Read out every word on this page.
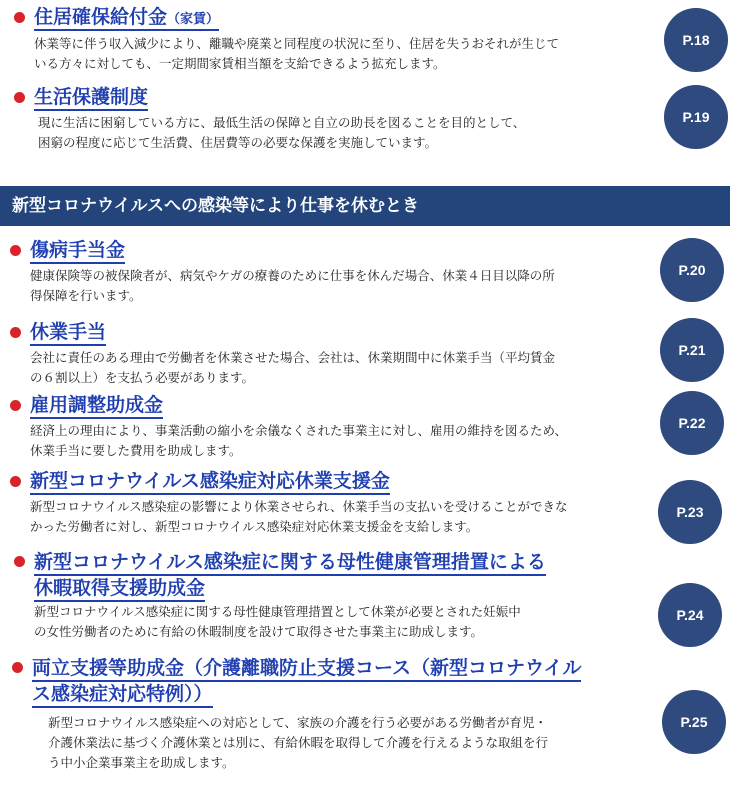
住居確保給付金（家賃）
休業等に伴う収入減少により、離職や廃業と同程度の状況に至り、住居を失うおそれが生じて
いる方々に対しても、一定期間家賃相当額を支給できるよう拡充します。
P.18
生活保護制度
現に生活に困窮している方に、最低生活の保障と自立の助長を図ることを目的として、
困窮の程度に応じて生活費、住居費等の必要な保護を実施しています。
P.19
新型コロナウイルスへの感染等により仕事を休むとき
傷病手当金
健康保険等の被保険者が、病気やケガの療養のために仕事を休んだ場合、休業４日目以降の所
得保障を行います。
P.20
休業手当
会社に責任のある理由で労働者を休業させた場合、会社は、休業期間中に休業手当（平均賃金
の６割以上）を支払う必要があります。
P.21
雇用調整助成金
経済上の理由により、事業活動の縮小を余儀なくされた事業主に対し、雇用の維持を図るため、
休業手当に要した費用を助成します。
P.22
新型コロナウイルス感染症対応休業支援金
新型コロナウイルス感染症の影響により休業させられ、休業手当の支払いを受けることができな
かった労働者に対し、新型コロナウイルス感染症対応休業支援金を支給します。
P.23
新型コロナウイルス感染症に関する母性健康管理措置による
休暇取得支援助成金
新型コロナウイルス感染症に関する母性健康管理措置として休業が必要とされた妊娠中
の女性労働者のために有給の休暇制度を設けて取得させた事業主に助成します。
P.24
両立支援等助成金（介護離職防止支援コース（新型コロナウイル
ス感染症対応特例））
新型コロナウイルス感染症への対応として、家族の介護を行う必要がある労働者が育児・
介護休業法に基づく介護休業とは別に、有給休暇を取得して介護を行えるような取組を行
う中小企業事業主を助成します。
P.25
